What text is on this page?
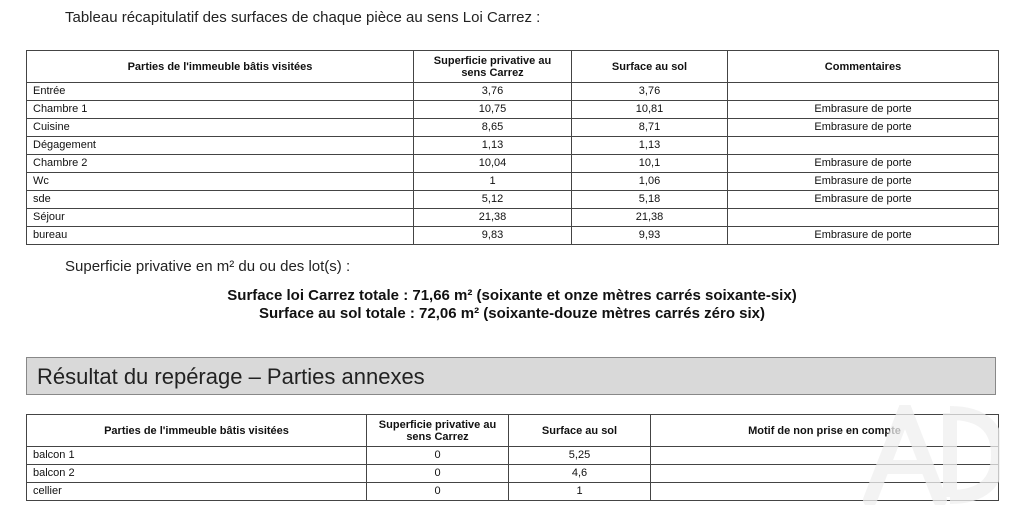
Tableau récapitulatif des surfaces de chaque pièce au sens Loi Carrez :
Parties de l'immeuble bâtis visitées	Superficie privative au sens Carrez	Surface au sol	Commentaires
Entrée	3,76	3,76	
Chambre 1	10,75	10,81	Embrasure de porte
Cuisine	8,65	8,71	Embrasure de porte
Dégagement	1,13	1,13	
Chambre 2	10,04	10,1	Embrasure de porte
Wc	1	1,06	Embrasure de porte
sde	5,12	5,18	Embrasure de porte
Séjour	21,38	21,38	
bureau	9,83	9,93	Embrasure de porte
Superficie privative en m² du ou des lot(s) :
Surface loi Carrez totale : 71,66 m² (soixante et onze mètres carrés soixante-six)
Surface au sol totale : 72,06 m² (soixante-douze mètres carrés zéro six)
Résultat du repérage – Parties annexes
Parties de l'immeuble bâtis visitées	Superficie privative au sens Carrez	Surface au sol	Motif de non prise en compte
balcon 1	0	5,25	
balcon 2	0	4,6	
cellier	0	1	
